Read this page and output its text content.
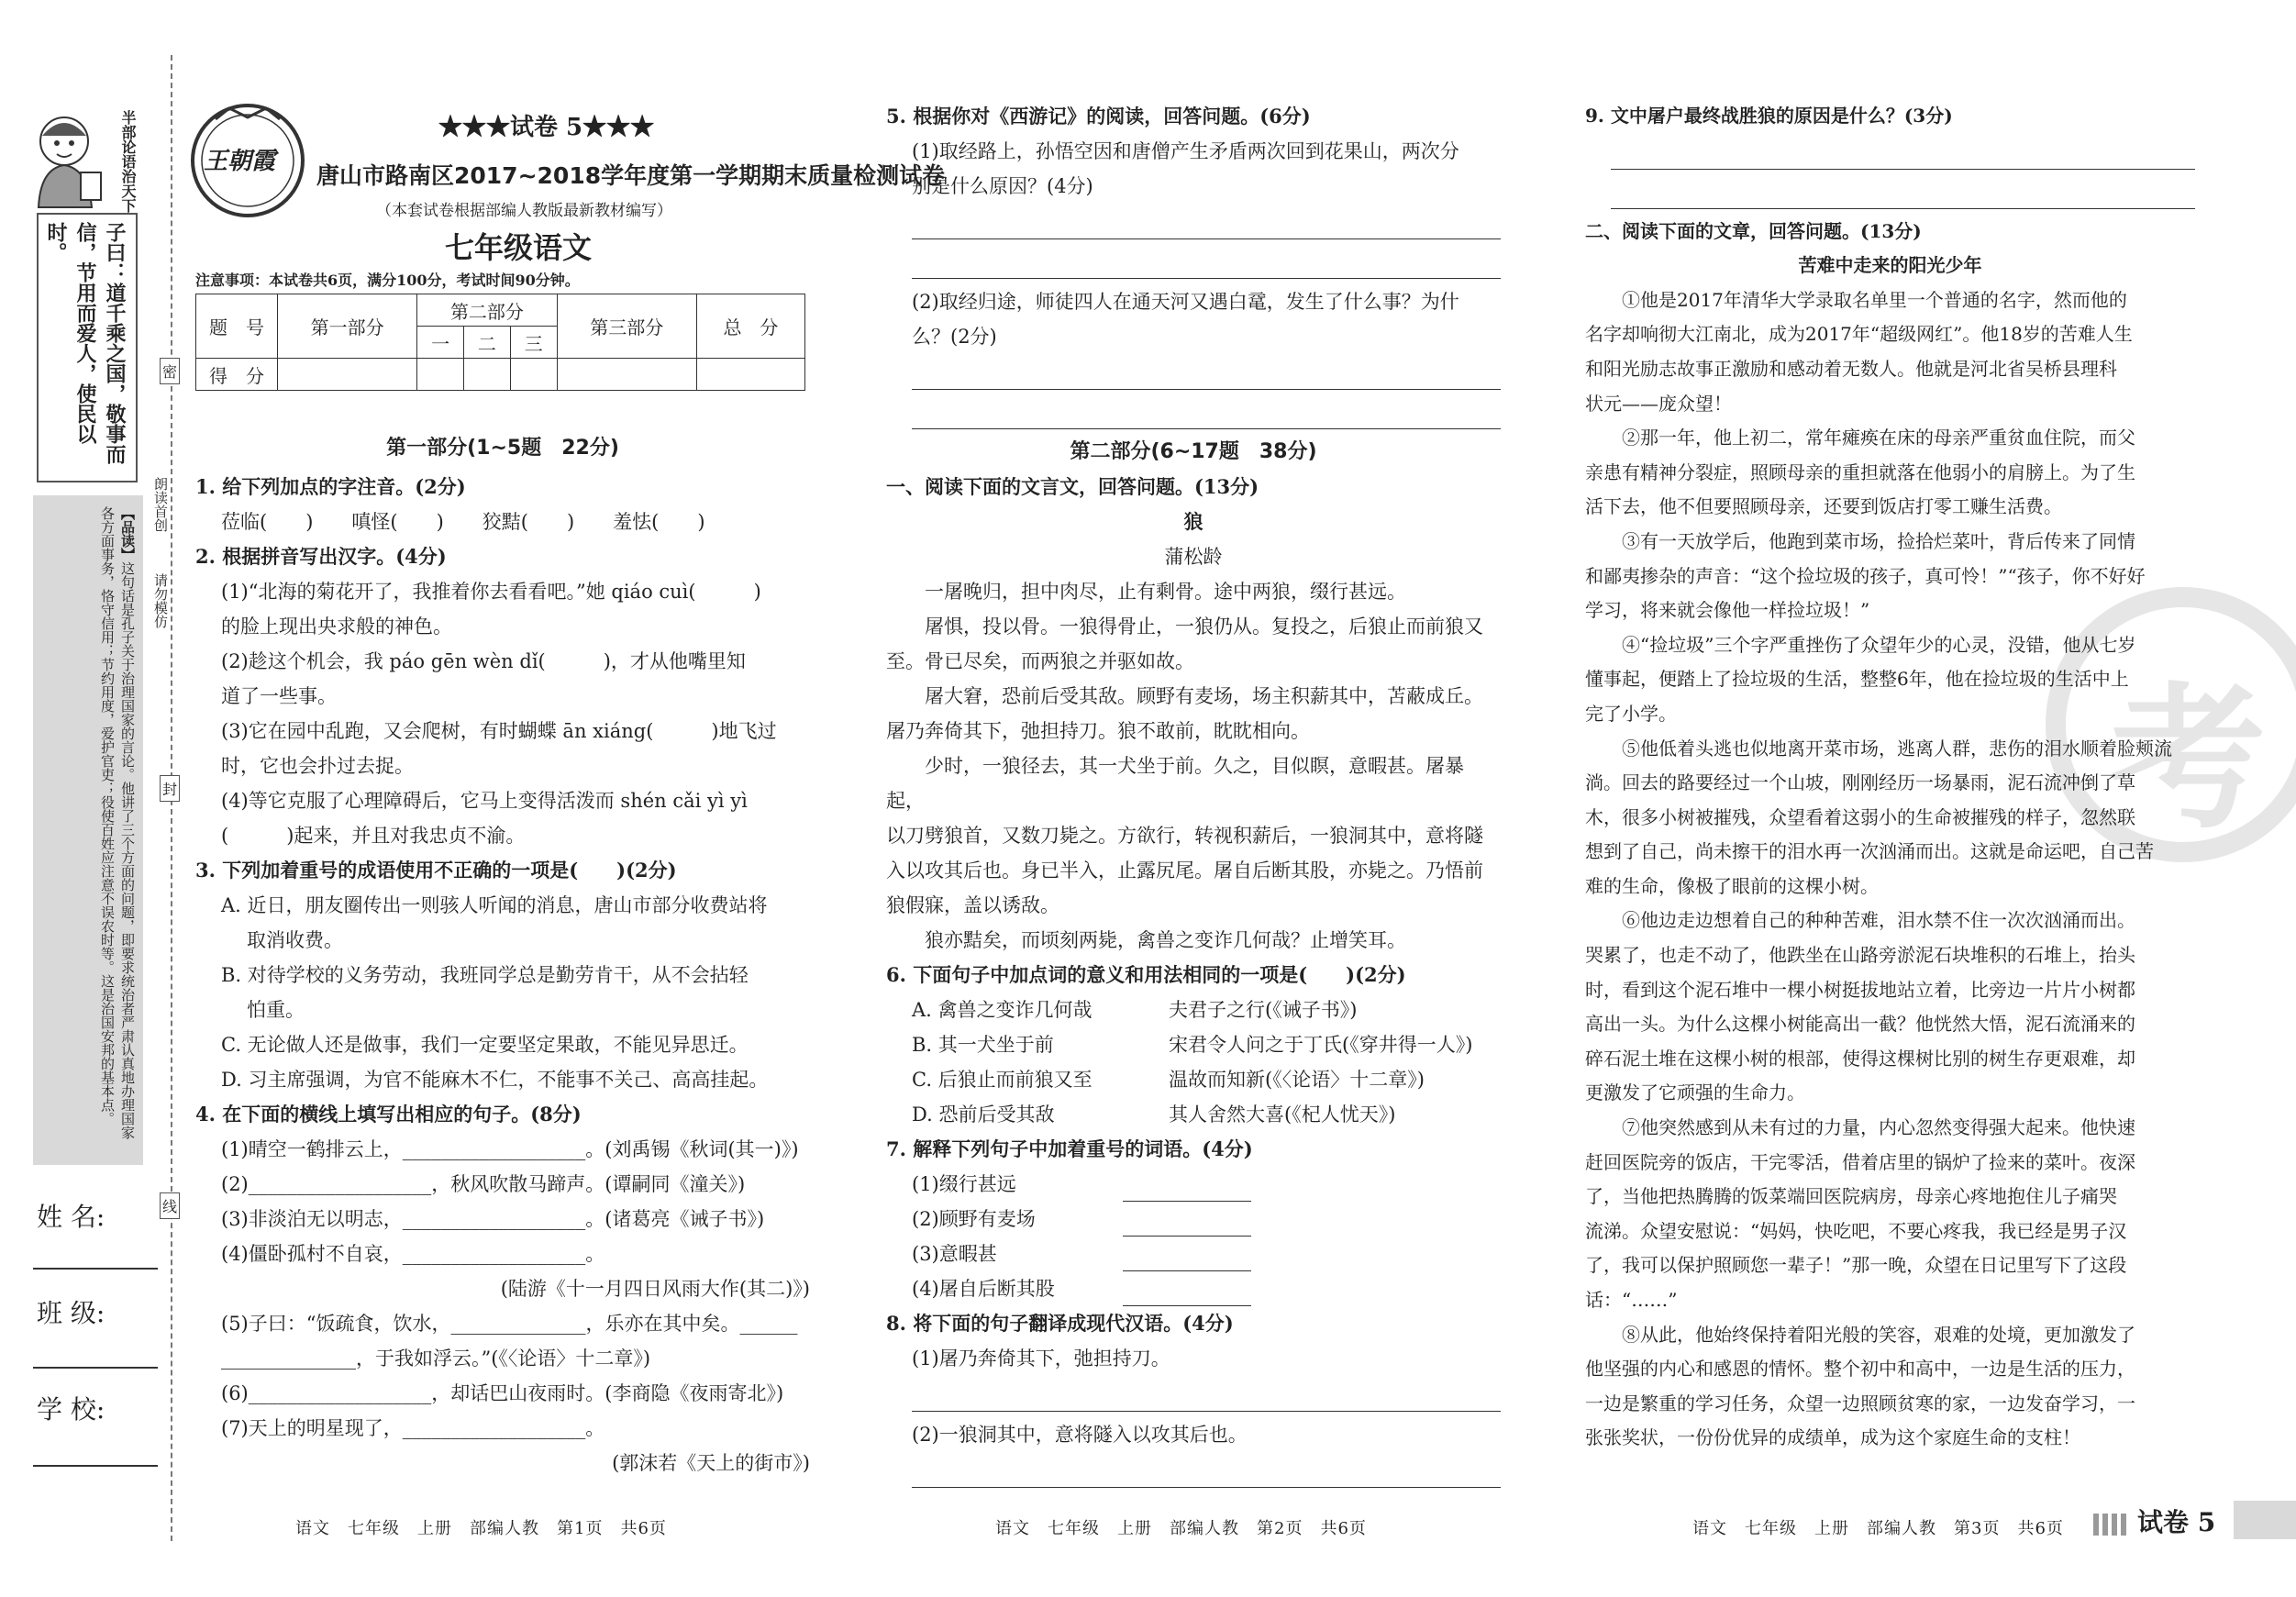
半部论语治天下
子曰：道千乘之国，敬事而信，节用而爱人，使民以时。
【品读】这句话是孔子关于治理国家的言论。他讲了三个方面的问题，即要求统治者严肃认真地办理国家各方面事务，恪守信用；节约用度，爱护官吏；役使百姓应注意不误农时等。这是治国安邦的基本点。
朗读首创
请勿模仿
姓 名:
班 级:
学 校:
密
封
线
王朝霞
★★★试卷 5★★★
唐山市路南区2017~2018学年度第一学期期末质量检测试卷
（本套试卷根据部编人教版最新教材编写）
七年级语文
注意事项：本试卷共6页，满分100分，考试时间90分钟。
题　号	第一部分	第二部分			第三部分	总　分
		一	二	三		
得　分						

第一部分(1~5题　22分)

1. 给下列加点的字注音。(2分)

莅临(　　)　　嗔怪(　　)　　狡黠(　　)　　羞怯(　　)

2. 根据拼音写出汉字。(4分)

(1)“北海的菊花开了，我推着你去看看吧。”她 qiáo cuì(　　　)

的脸上现出央求般的神色。

(2)趁这个机会，我 páo gēn wèn dǐ(　　　)，才从他嘴里知

道了一些事。

(3)它在园中乱跑，又会爬树，有时蝴蝶 ān xiáng(　　　)地飞过

时，它也会扑过去捉。

(4)等它克服了心理障碍后，它马上变得活泼而 shén cǎi yì yì

(　　　)起来，并且对我忠贞不渝。

3. 下列加着重号的成语使用不正确的一项是(　　)(2分)

A. 近日，朋友圈传出一则骇人听闻的消息，唐山市部分收费站将

取消收费。

B. 对待学校的义务劳动，我班同学总是勤劳肯干，从不会拈轻

怕重。

C. 无论做人还是做事，我们一定要坚定果敢，不能见异思迁。

D. 习主席强调，为官不能麻木不仁，不能事不关己、高高挂起。

4. 在下面的横线上填写出相应的句子。(8分)

(1)晴空一鹤排云上，___________________。(刘禹锡《秋词(其一)》)

(2)___________________，秋风吹散马蹄声。(谭嗣同《潼关》)

(3)非淡泊无以明志，___________________。(诸葛亮《诫子书》)

(4)僵卧孤村不自哀，___________________。

(陆游《十一月四日风雨大作(其二)》)

(5)子曰：“饭疏食，饮水，______________，乐亦在其中矣。______

______________，于我如浮云。”(《〈论语〉十二章》)

(6)___________________，却话巴山夜雨时。(李商隐《夜雨寄北》)

(7)天上的明星现了，___________________。

(郭沫若《天上的街市》)

5. 根据你对《西游记》的阅读，回答问题。(6分)

(1)取经路上，孙悟空因和唐僧产生矛盾两次回到花果山，两次分

别是什么原因？(4分)

(2)取经归途，师徒四人在通天河又遇白鼋，发生了什么事？为什

么？(2分)

第二部分(6~17题　38分)

一、阅读下面的文言文，回答问题。(13分)

狼

蒲松龄

一屠晚归，担中肉尽，止有剩骨。途中两狼，缀行甚远。

屠惧，投以骨。一狼得骨止，一狼仍从。复投之，后狼止而前狼又

至。骨已尽矣，而两狼之并驱如故。

屠大窘，恐前后受其敌。顾野有麦场，场主积薪其中，苫蔽成丘。

屠乃奔倚其下，弛担持刀。狼不敢前，眈眈相向。

少时，一狼径去，其一犬坐于前。久之，目似瞑，意暇甚。屠暴起，

以刀劈狼首，又数刀毙之。方欲行，转视积薪后，一狼洞其中，意将隧

入以攻其后也。身已半入，止露尻尾。屠自后断其股，亦毙之。乃悟前

狼假寐，盖以诱敌。

狼亦黠矣，而顷刻两毙，禽兽之变诈几何哉？止增笑耳。

6. 下面句子中加点词的意义和用法相同的一项是(　　)(2分)

A. 禽兽之变诈几何哉	夫君子之行(《诫子书》)
B. 其一犬坐于前	宋君令人问之于丁氏(《穿井得一人》)
C. 后狼止而前狼又至	温故而知新(《〈论语〉十二章》)
D. 恐前后受其敌	其人舍然大喜(《杞人忧天》)

7. 解释下列句子中加着重号的词语。(4分)

(1)缀行甚远
(2)顾野有麦场
(3)意暇甚
(4)屠自后断其股

8. 将下面的句子翻译成现代汉语。(4分)

(1)屠乃奔倚其下，弛担持刀。

(2)一狼洞其中，意将隧入以攻其后也。

考

9. 文中屠户最终战胜狼的原因是什么？(3分)

二、阅读下面的文章，回答问题。(13分)

苦难中走来的阳光少年

①他是2017年清华大学录取名单里一个普通的名字，然而他的

名字却响彻大江南北，成为2017年“超级网红”。他18岁的苦难人生

和阳光励志故事正激励和感动着无数人。他就是河北省吴桥县理科

状元——庞众望！

②那一年，他上初二，常年瘫痪在床的母亲严重贫血住院，而父

亲患有精神分裂症，照顾母亲的重担就落在他弱小的肩膀上。为了生

活下去，他不但要照顾母亲，还要到饭店打零工赚生活费。

③有一天放学后，他跑到菜市场，捡拾烂菜叶，背后传来了同情

和鄙夷掺杂的声音：“这个捡垃圾的孩子，真可怜！”“孩子，你不好好

学习，将来就会像他一样捡垃圾！”

④“捡垃圾”三个字严重挫伤了众望年少的心灵，没错，他从七岁

懂事起，便踏上了捡垃圾的生活，整整6年，他在捡垃圾的生活中上

完了小学。

⑤他低着头逃也似地离开菜市场，逃离人群，悲伤的泪水顺着脸颊流

淌。回去的路要经过一个山坡，刚刚经历一场暴雨，泥石流冲倒了草

木，很多小树被摧残，众望看着这弱小的生命被摧残的样子，忽然联

想到了自己，尚未擦干的泪水再一次汹涌而出。这就是命运吧，自己苦

难的生命，像极了眼前的这棵小树。

⑥他边走边想着自己的种种苦难，泪水禁不住一次次汹涌而出。

哭累了，也走不动了，他跌坐在山路旁淤泥石块堆积的石堆上，抬头

时，看到这个泥石堆中一棵小树挺拔地站立着，比旁边一片片小树都

高出一头。为什么这棵小树能高出一截？他恍然大悟，泥石流涌来的

碎石泥土堆在这棵小树的根部，使得这棵树比别的树生存更艰难，却

更激发了它顽强的生命力。

⑦他突然感到从未有过的力量，内心忽然变得强大起来。他快速

赶回医院旁的饭店，干完零活，借着店里的锅炉了捡来的菜叶。夜深

了，当他把热腾腾的饭菜端回医院病房，母亲心疼地抱住儿子痛哭

流涕。众望安慰说：“妈妈，快吃吧，不要心疼我，我已经是男子汉

了，我可以保护照顾您一辈子！”那一晚，众望在日记里写下了这段

话：“……”

⑧从此，他始终保持着阳光般的笑容，艰难的处境，更加激发了

他坚强的内心和感恩的情怀。整个初中和高中，一边是生活的压力，

一边是繁重的学习任务，众望一边照顾贫寒的家，一边发奋学习，一

张张奖状，一份份优异的成绩单，成为这个家庭生命的支柱！

语文　七年级　上册　部编人教　第1页　共6页	语文　七年级　上册　部编人教　第2页　共6页	语文　七年级　上册　部编人教　第3页　共6页	试卷 5
